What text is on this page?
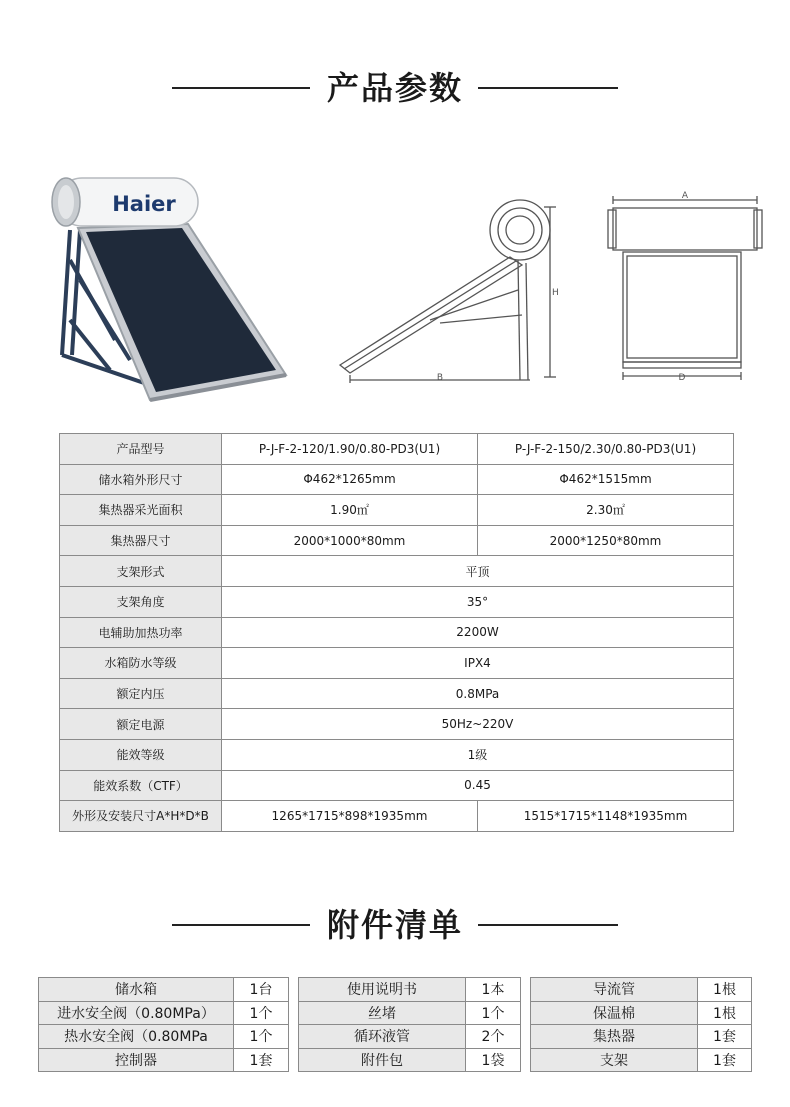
产品参数
Haier
B
H
A
D
产品型号	P-J-F-2-120/1.90/0.80-PD3(U1)	P-J-F-2-150/2.30/0.80-PD3(U1)
储水箱外形尺寸	Φ462*1265mm	Φ462*1515mm
集热器采光面积	1.90㎡	2.30㎡
集热器尺寸	2000*1000*80mm	2000*1250*80mm
支架形式	平顶	
支架角度	35°	
电辅助加热功率	2200W	
水箱防水等级	IPX4	
额定内压	0.8MPa	
额定电源	50Hz~220V	
能效等级	1级	
能效系数（CTF）	0.45	
外形及安装尺寸A*H*D*B	1265*1715*898*1935mm	1515*1715*1148*1935mm
附件清单
储水箱	1台
进水安全阀（0.80MPa）	1个
热水安全阀（0.80MPa	1个
控制器	1套
使用说明书	1本
丝堵	1个
循环液管	2个
附件包	1袋
导流管	1根
保温棉	1根
集热器	1套
支架	1套
